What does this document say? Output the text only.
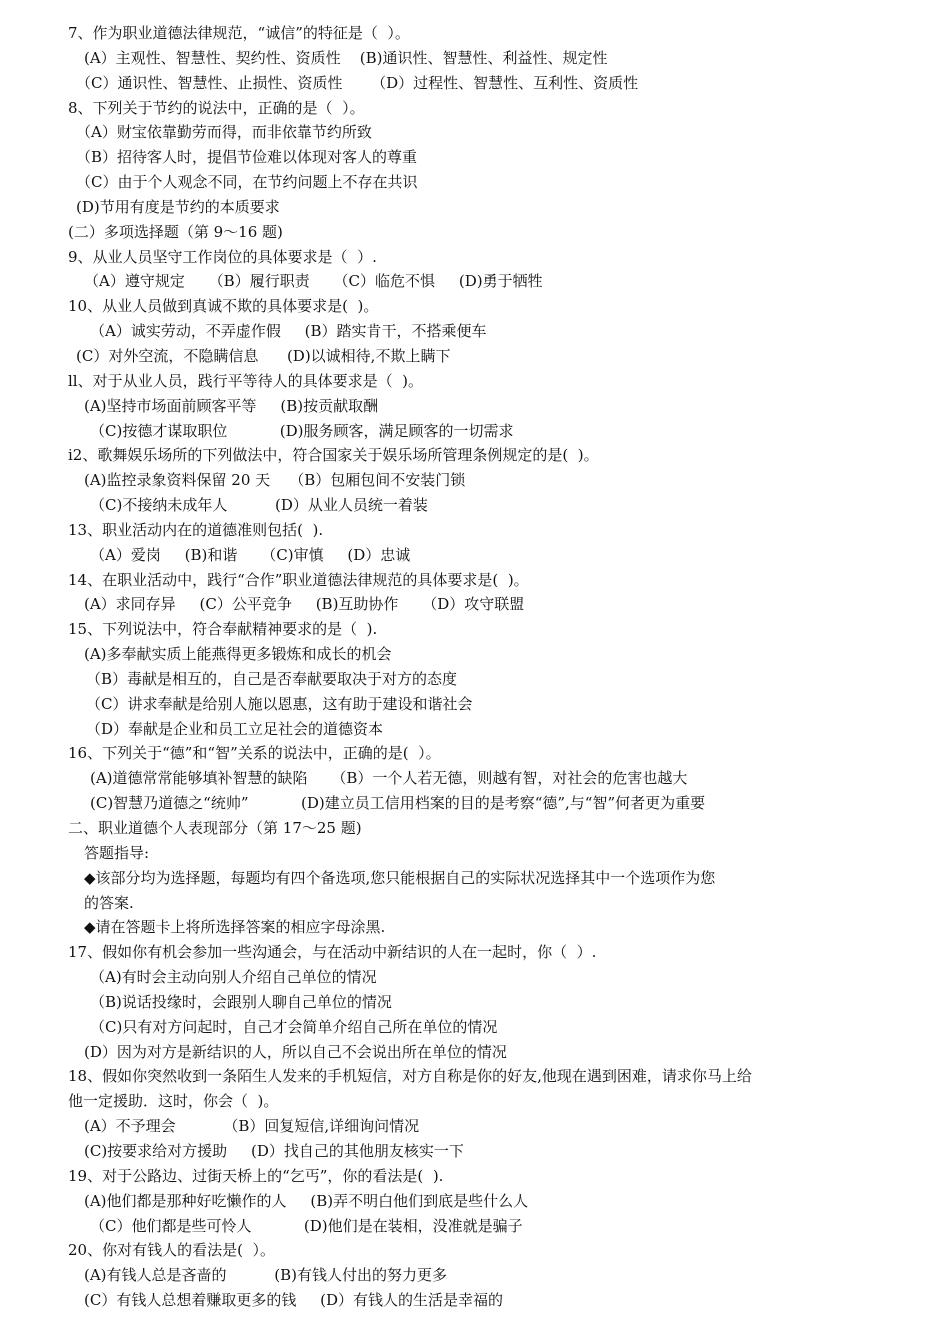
7、作为职业道德法律规范，“诚信”的特征是（  ）。
(A）主观性、智慧性、契约性、资质性    (B)通识性、智慧性、利益性、规定性
（C）通识性、智慧性、止损性、资质性      （D）过程性、智慧性、互利性、资质性
8、下列关于节约的说法中，正确的是（  ）。
（A）财宝依靠勤劳而得，而非依靠节约所致
（B）招待客人时，提倡节俭难以体现对客人的尊重
（C）由于个人观念不同，在节约问题上不存在共识
(D)节用有度是节约的本质要求
(二）多项选择题（第 9～16 题)
9、从业人员坚守工作岗位的具体要求是（  ）.
（A）遵守规定     （B）履行职责     （C）临危不惧     (D)勇于牺牲
10、从业人员做到真诚不欺的具体要求是(  )。
（A）诚实劳动，不弄虚作假     (B）踏实肯干，不搭乘便车
(C）对外空流，不隐瞒信息      (D)以诚相待,不欺上瞒下
ll、对于从业人员，践行平等待人的具体要求是（  )。
(A)坚持市场面前顾客平等     (B)按贡献取酬
（C)按德才谋取职位           (D)服务顾客，满足顾客的一切需求
i2、歌舞娱乐场所的下列做法中，符合国家关于娱乐场所管理条例规定的是(  )。
(A)监控录象资料保留 20 天    （B）包厢包间不安装门锁
（C)不接纳未成年人          (D）从业人员统一着装
13、职业活动内在的道德准则包括(  ).
（A）爱岗     (B)和谐     （C)审慎     (D）忠诚
14、在职业活动中，践行“合作”职业道德法律规范的具体要求是(  )。
(A）求同存异     (C）公平竞争     (B)互助协作     （D）攻守联盟
15、下列说法中，符合奉献精神要求的是（  ).
(A)多奉献实质上能燕得更多锻炼和成长的机会
（B）毒献是相互的，自己是否奉献要取决于对方的态度
（C）讲求奉献是给别人施以恩惠，这有助于建设和谐社会
（D）奉献是企业和员工立足社会的道德资本
16、下列关于“德”和“智”关系的说法中，正确的是(  ）。
(A)道德常常能够填补智慧的缺陷     （B）一个人若无德，则越有智，对社会的危害也越大
(C)智慧乃道德之“统帅”           (D)建立员工信用档案的目的是考察“德”,与“智”何者更为重要
二、职业道德个人表现部分（第 17～25 题)
答题指导:
◆该部分均为选择题，每题均有四个备选项,您只能根据自己的实际状况选择其中一个选项作为您
的答案.
◆请在答题卡上将所选择答案的相应字母涂黑.
17、假如你有机会参加一些沟通会，与在活动中新结识的人在一起时，你（  ）.
（A)有时会主动向别人介绍自己单位的情况
（B)说话投缘时，会跟别人聊自己单位的情况
（C)只有对方问起时，自己才会简单介绍自己所在单位的情况
(D）因为对方是新结识的人，所以自己不会说出所在单位的情况
18、假如你突然收到一条陌生人发来的手机短信，对方自称是你的好友,他现在遇到困难，请求你马上给
他一定援助．这时，你会（  )。
(A）不予理会          （B）回复短信,详细询问情况
(C)按要求给对方援助     (D）找自己的其他朋友核实一下
19、对于公路边、过街天桥上的“乞丐”，你的看法是(  ).
(A)他们都是那种好吃懒作的人     (B)弄不明白他们到底是些什么人
（C）他们都是些可怜人           (D)他们是在装相，没准就是骗子
20、你对有钱人的看法是(  ）。
(A)有钱人总是吝啬的          (B)有钱人付出的努力更多
(C）有钱人总想着赚取更多的钱     (D）有钱人的生活是幸福的
